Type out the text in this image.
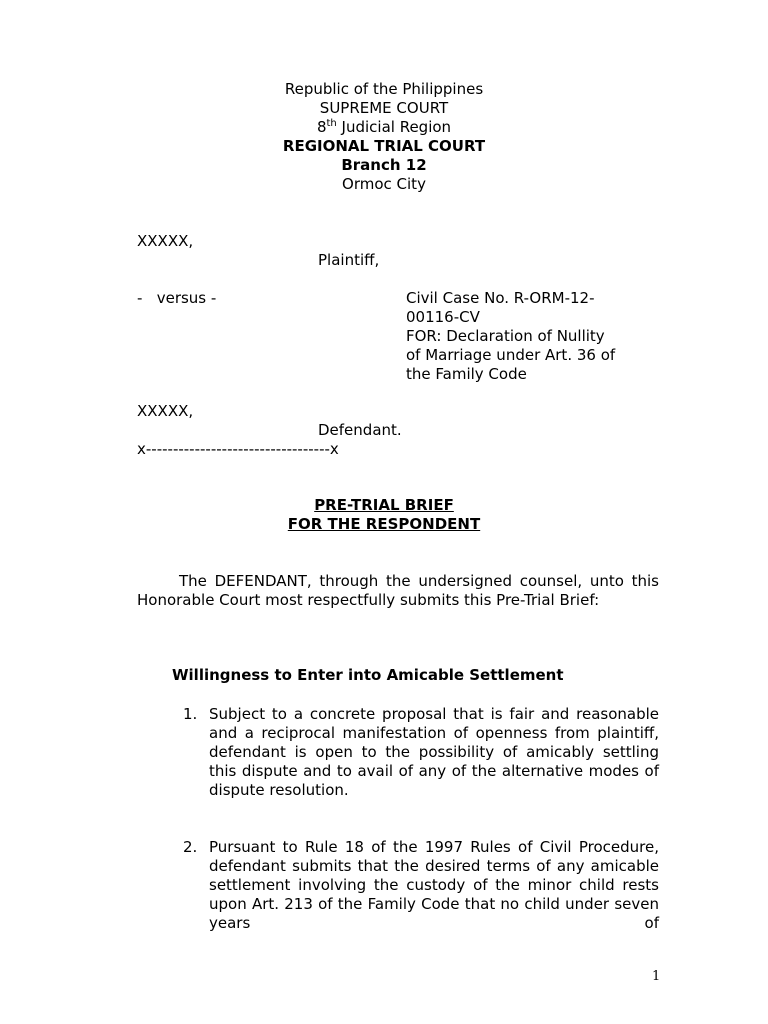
Republic of the Philippines
SUPREME COURT
8th Judicial Region
REGIONAL TRIAL COURT
Branch 12
Ormoc City
XXXXX,
Plaintiff,
-   versus -	Civil Case No. R-ORM-12-
00116-CV
FOR: Declaration of Nullity
of Marriage under Art. 36 of
the Family Code
XXXXX,
Defendant.
x----------------------------------x
PRE-TRIAL BRIEF
FOR THE RESPONDENT
The DEFENDANT, through the undersigned counsel, unto this Honorable Court most respectfully submits this Pre-Trial Brief:
Willingness to Enter into Amicable Settlement
1. Subject to a concrete proposal that is fair and reasonable and a reciprocal manifestation of openness from plaintiff, defendant is open to the possibility of amicably settling this dispute and to avail of any of the alternative modes of dispute resolution.
2. Pursuant to Rule 18 of the 1997 Rules of Civil Procedure, defendant submits that the desired terms of any amicable settlement involving the custody of the minor child rests upon Art. 213 of the Family Code that no child under seven years of
1
